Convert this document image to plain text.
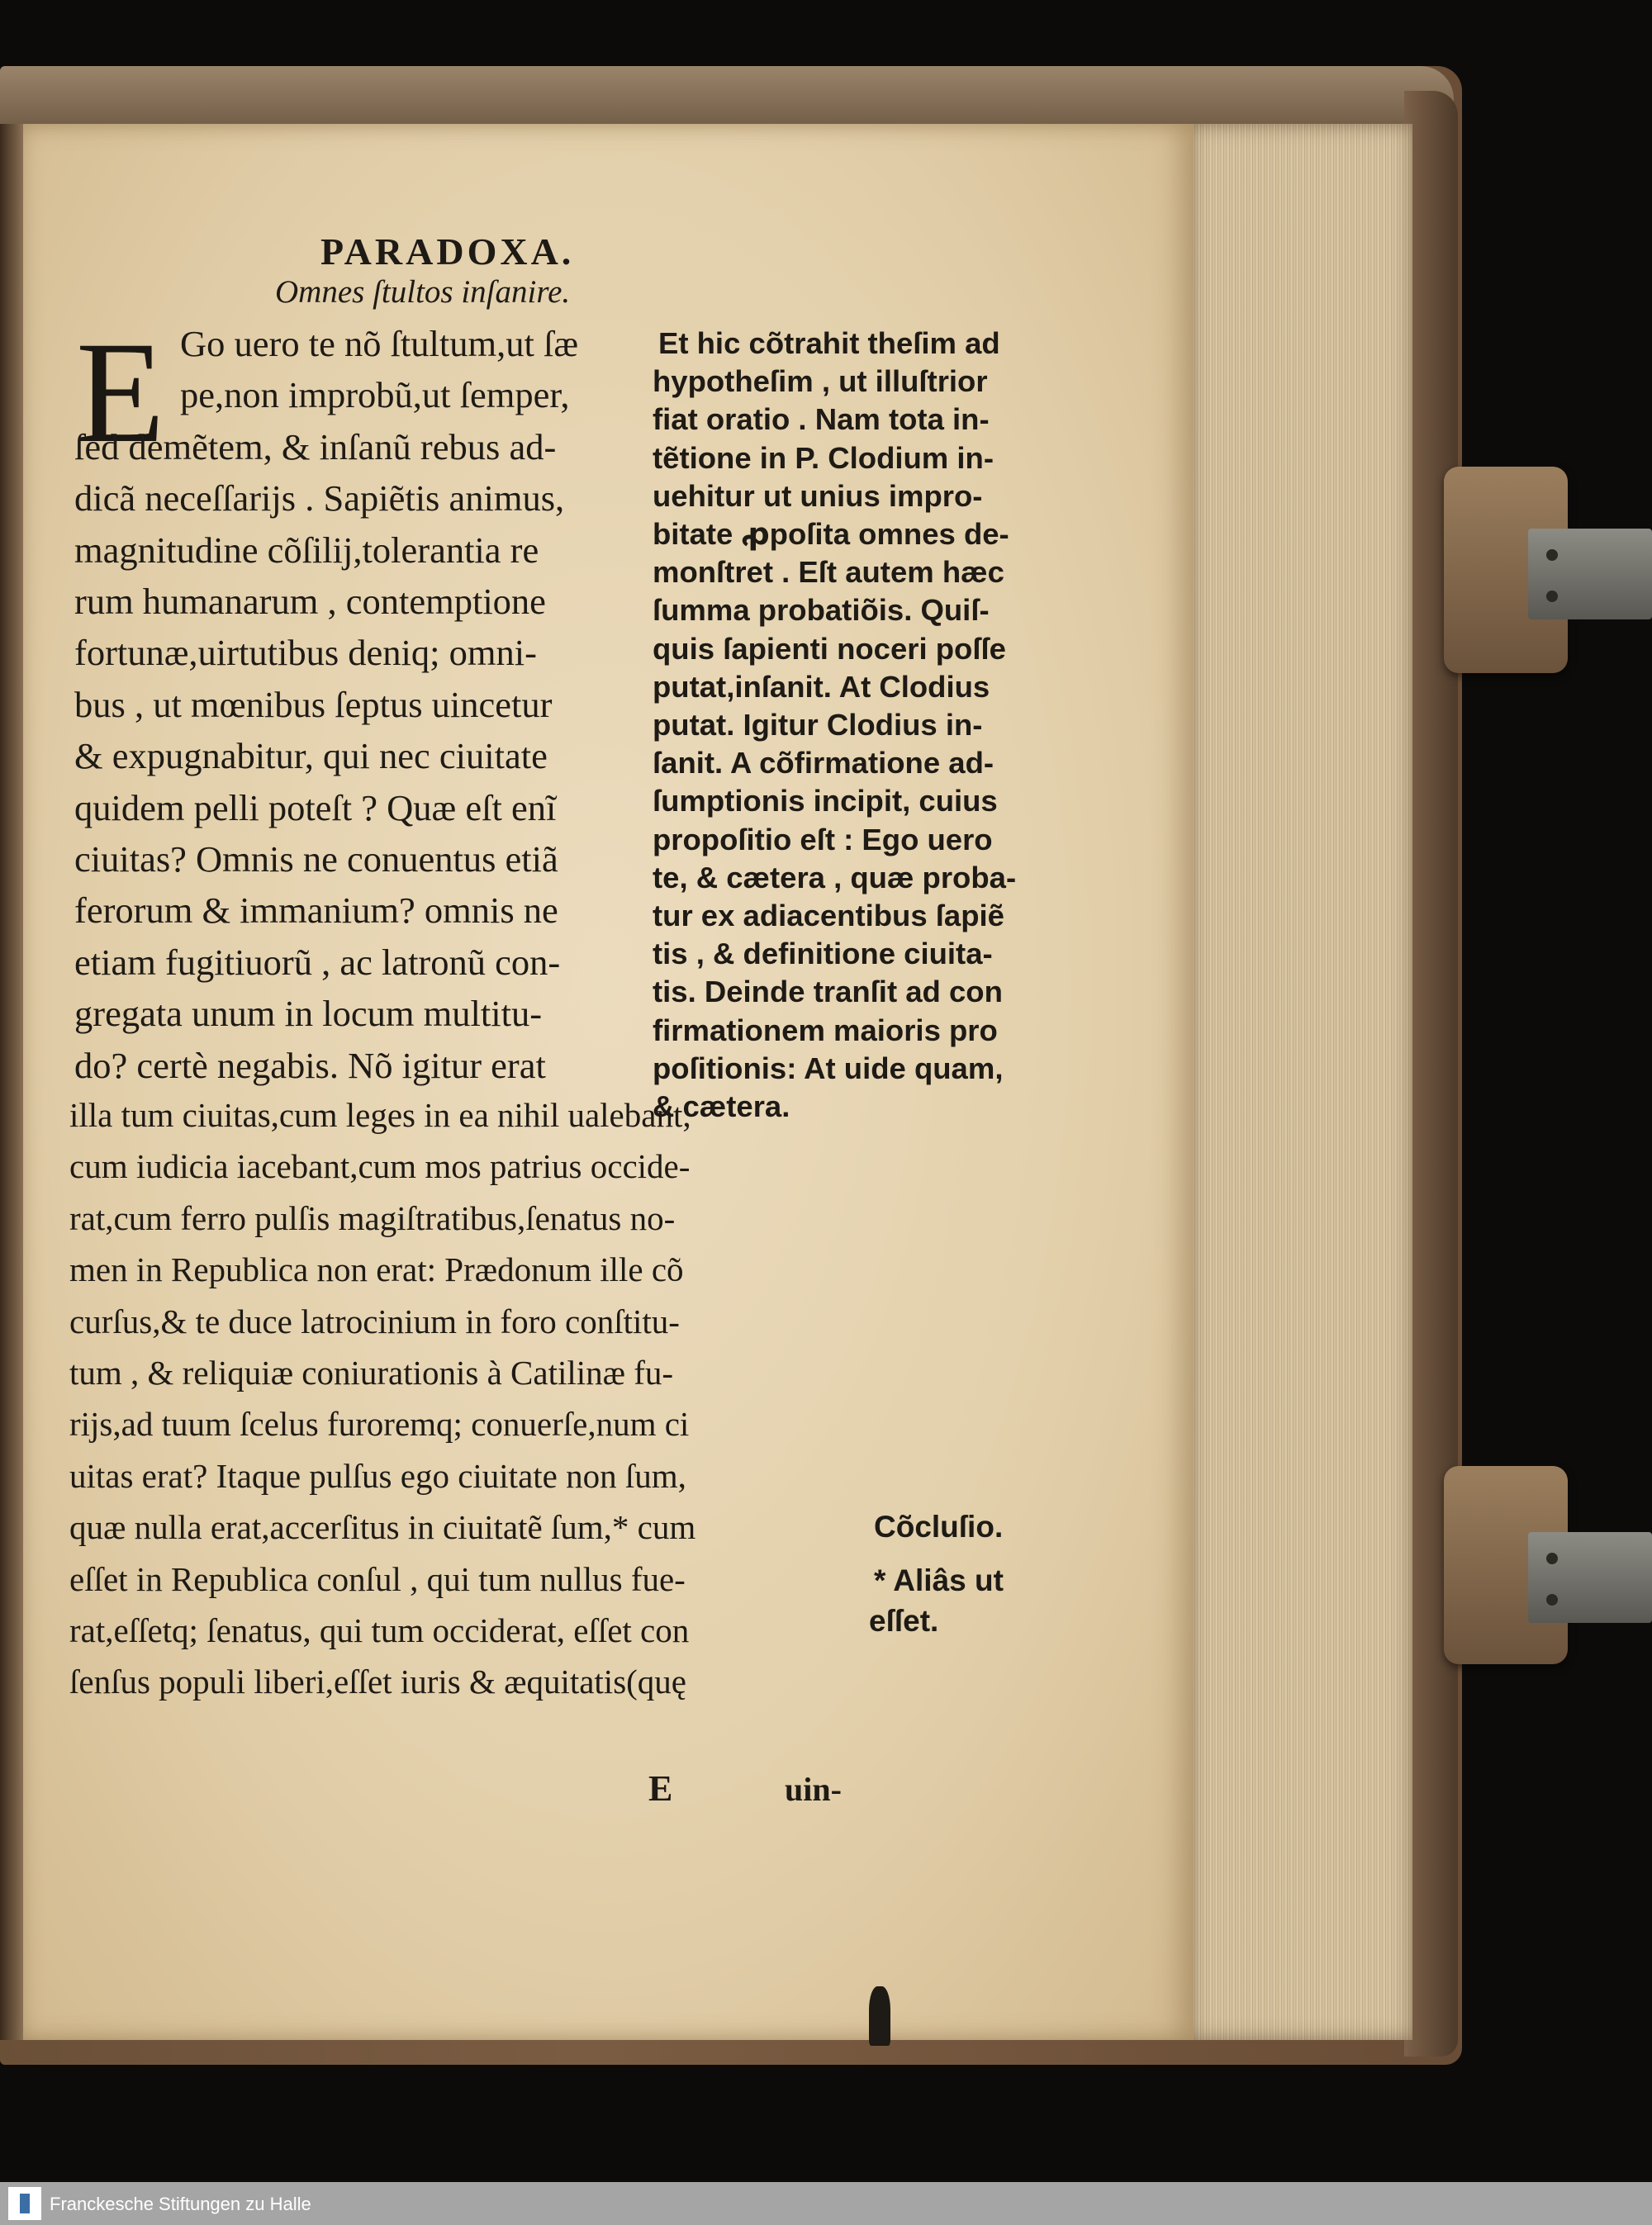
PARADOXA.
Omnes ſtultos inſanire.
E Go uero te nõ ſtultum,ut ſæ
pe,non improbũ,ut ſemper,
ſed demẽtem, & inſanũ rebus ad-
dicã neceſſarijs . Sapiẽtis animus,
magnitudine cõſilij,tolerantia re
rum humanarum , contemptione
fortunæ,uirtutibus deniq; omni-
bus , ut mœnibus ſeptus uincetur
& expugnabitur, qui nec ciuitate
quidem pelli poteſt ? Quæ eſt enĩ
ciuitas? Omnis ne conuentus etiã
ferorum & immanium? omnis ne
etiam fugitiuorũ , ac latronũ con-
gregata unum in locum multitu-
do? certè negabis. Nõ igitur erat
illa tum ciuitas,cum leges in ea nihil ualebant,
cum iudicia iacebant,cum mos patrius occide-
rat,cum ferro pulſis magiſtratibus,ſenatus no-
men in Republica non erat: Prædonum ille cõ
curſus,& te duce latrocinium in foro conſtitu-
tum , & reliquiæ coniurationis à Catilinæ fu-
rijs,ad tuum ſcelus furoremq; conuerſe,num ci
uitas erat? Itaque pulſus ego ciuitate non ſum,
quæ nulla erat,accerſitus in ciuitatẽ ſum,* cum
eſſet in Republica conſul , qui tum nullus fue-
rat,eſſetq; ſenatus, qui tum occiderat, eſſet con
ſenſus populi liberi,eſſet iuris & æquitatis(quę
Et hic cõtrahit theſim ad
hypotheſim , ut illuſtrior
fiat oratio . Nam tota in-
tẽtione in P. Clodium in-
uehitur ut unius impro-
bitate ꝓpoſita omnes de-
monſtret . Eſt autem hæc
ſumma probatiõis. Quiſ-
quis ſapienti noceri poſſe
putat,inſanit. At Clodius
putat. Igitur Clodius in-
ſanit. A cõfirmatione ad-
ſumptionis incipit, cuius
propoſitio eſt : Ego uero
te, & cætera , quæ proba-
tur ex adiacentibus ſapiẽ
tis , & definitione ciuita-
tis. Deinde tranſit ad con
firmationem maioris pro
poſitionis: At uide quam,
& cætera.
Cõcluſio.
* Aliâs ut
eſſet.
E	uin-
Franckesche Stiftungen zu Halle
